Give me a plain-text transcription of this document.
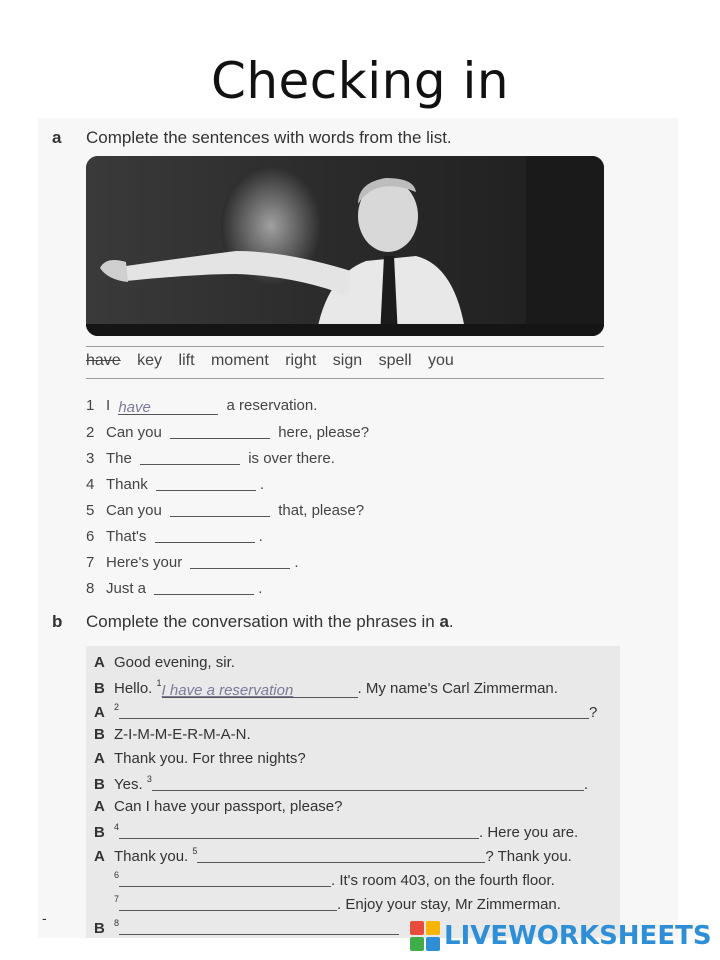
Checking in
a Complete the sentences with words from the list.
have key lift moment right sign spell you
1 I have	a reservation.
2 Can you	here, please?
3 The	is over there.
4 Thank	.
5 Can you	that, please?
6 That's	.
7 Here's your	.
8 Just a	.
b Complete the conversation with the phrases in a.
A Good evening, sir.
B Hello. $^1$I have a reservation	. My name's Carl Zimmerman.
A $^2$	?
B Z-I-M-M-E-R-M-A-N.
A Thank you. For three nights?
B Yes. $^3$	.
A Can I have your passport, please?
B $^4$	. Here you are.
A Thank you. $^5$	? Thank you.
$^6$	. It's room 403, on the fourth floor.
$^7$	. Enjoy your stay, Mr Zimmerman.
B $^8$
-
LIVEWORKSHEETS
